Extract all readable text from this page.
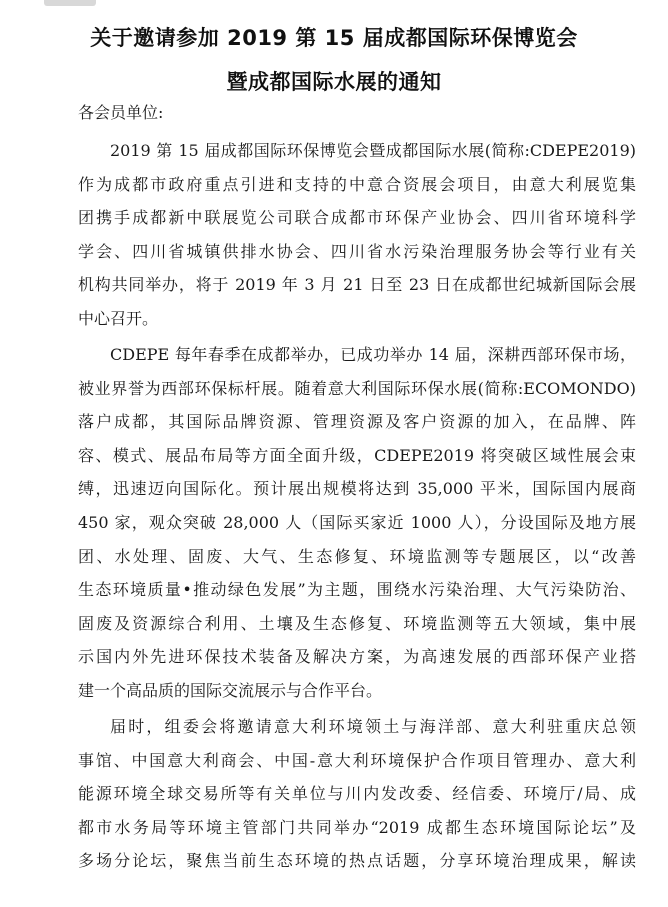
关于邀请参加 2019 第 15 届成都国际环保博览会
暨成都国际水展的通知
各会员单位:
2019 第 15 届成都国际环保博览会暨成都国际水展(简称:CDEPE2019)
作为成都市政府重点引进和支持的中意合资展会项目，由意大利展览集
团携手成都新中联展览公司联合成都市环保产业协会、四川省环境科学
学会、四川省城镇供排水协会、四川省水污染治理服务协会等行业有关
机构共同举办，将于 2019 年 3 月 21 日至 23 日在成都世纪城新国际会展
中心召开。
CDEPE 每年春季在成都举办，已成功举办 14 届，深耕西部环保市场，
被业界誉为西部环保标杆展。随着意大利国际环保水展(简称:ECOMONDO)
落户成都，其国际品牌资源、管理资源及客户资源的加入，在品牌、阵
容、模式、展品布局等方面全面升级，CDEPE2019 将突破区域性展会束
缚，迅速迈向国际化。预计展出规模将达到 35,000 平米，国际国内展商
450 家，观众突破 28,000 人（国际买家近 1000 人），分设国际及地方展
团、水处理、固废、大气、生态修复、环境监测等专题展区，以“改善
生态环境质量•推动绿色发展”为主题，围绕水污染治理、大气污染防治、
固废及资源综合利用、土壤及生态修复、环境监测等五大领域，集中展
示国内外先进环保技术装备及解决方案，为高速发展的西部环保产业搭
建一个高品质的国际交流展示与合作平台。
届时，组委会将邀请意大利环境领土与海洋部、意大利驻重庆总领
事馆、中国意大利商会、中国-意大利环境保护合作项目管理办、意大利
能源环境全球交易所等有关单位与川内发改委、经信委、环境厅/局、成
都市水务局等环境主管部门共同举办“2019 成都生态环境国际论坛”及
多场分论坛，聚焦当前生态环境的热点话题，分享环境治理成果，解读
